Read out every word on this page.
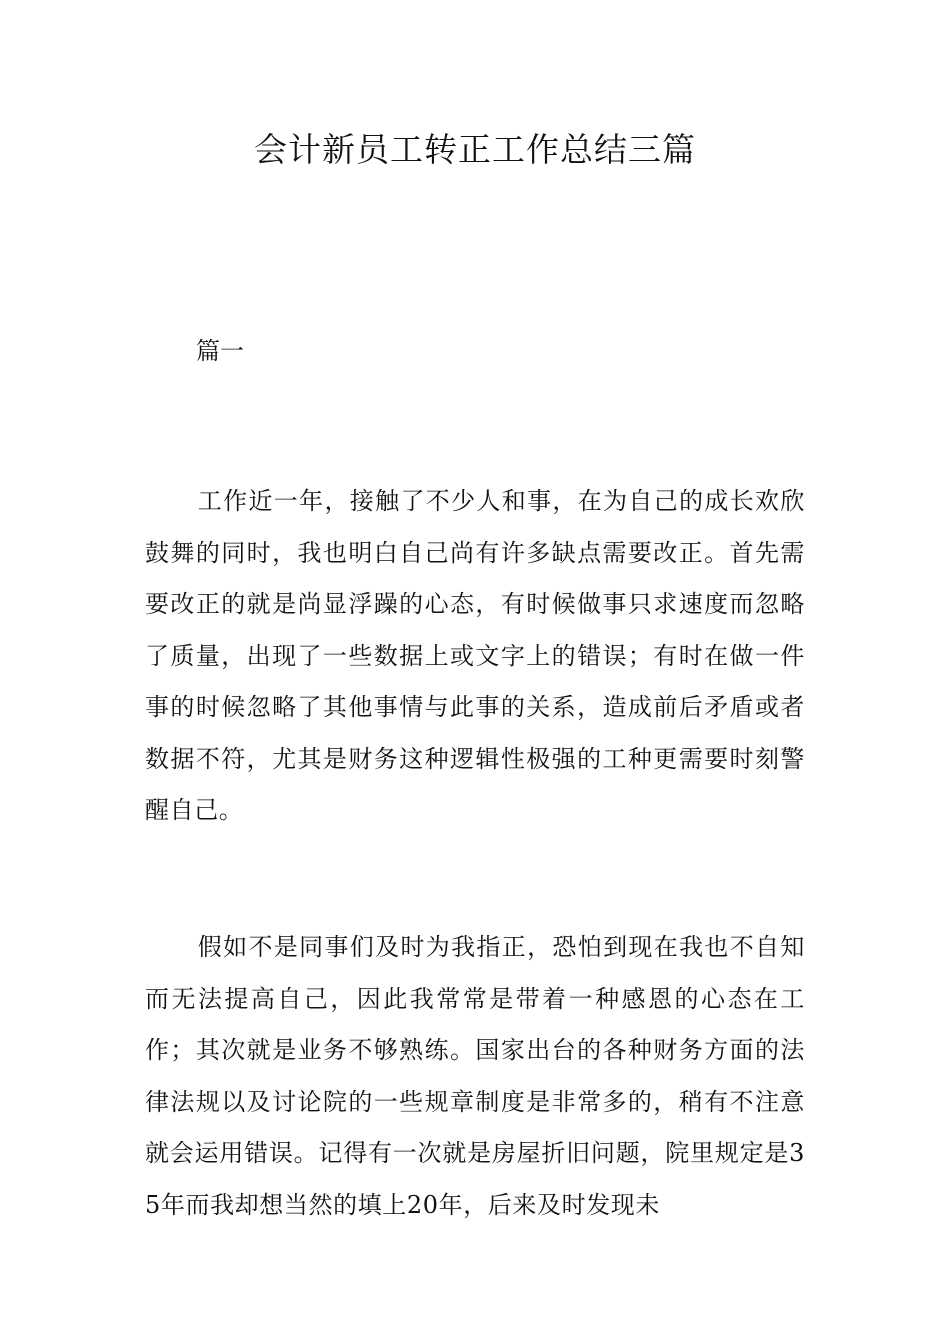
会计新员工转正工作总结三篇
篇一

工作近一年，接触了不少人和事，在为自己的成长欢欣鼓舞的同时，我也明白自己尚有许多缺点需要改正。首先需要改正的就是尚显浮躁的心态，有时候做事只求速度而忽略了质量，出现了一些数据上或文字上的错误；有时在做一件事的时候忽略了其他事情与此事的关系，造成前后矛盾或者数据不符，尤其是财务这种逻辑性极强的工种更需要时刻警醒自己。

假如不是同事们及时为我指正，恐怕到现在我也不自知而无法提高自己，因此我常常是带着一种感恩的心态在工作；其次就是业务不够熟练。国家出台的各种财务方面的法律法规以及讨论院的一些规章制度是非常多的，稍有不注意就会运用错误。记得有一次就是房屋折旧问题，院里规定是35年而我却想当然的填上20年，后来及时发现未
